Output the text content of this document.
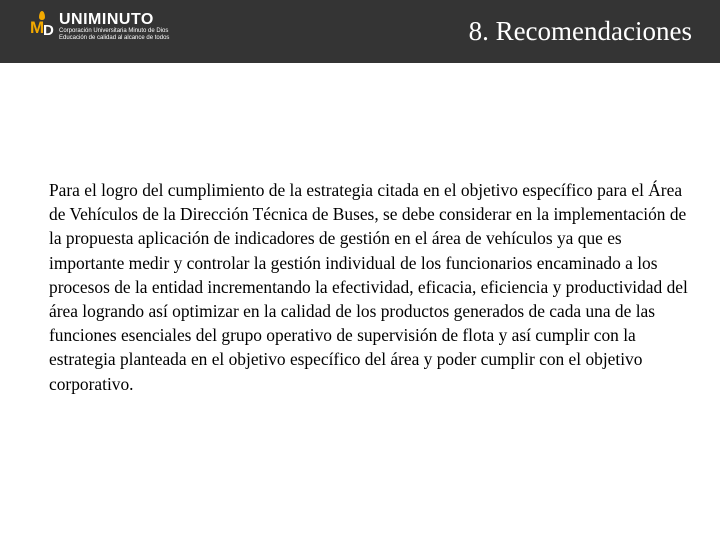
M D
UNIMINUTO
Corporación Universitaria Minuto de Dios
Educación de calidad al alcance de todos	8. Recomendaciones
Para el logro del cumplimiento de la estrategia citada en el objetivo específico para el Área de Vehículos de la Dirección Técnica de Buses, se debe considerar en la implementación de la propuesta aplicación de indicadores de gestión en el área de vehículos ya que es importante medir y controlar la gestión individual de los funcionarios encaminado a los procesos de la entidad incrementando la efectividad, eficacia, eficiencia y productividad del área logrando así optimizar en la calidad de los productos generados de cada una de las funciones esenciales del grupo operativo de supervisión de flota y así cumplir con la estrategia planteada en el objetivo específico del área y poder cumplir con el objetivo corporativo.
